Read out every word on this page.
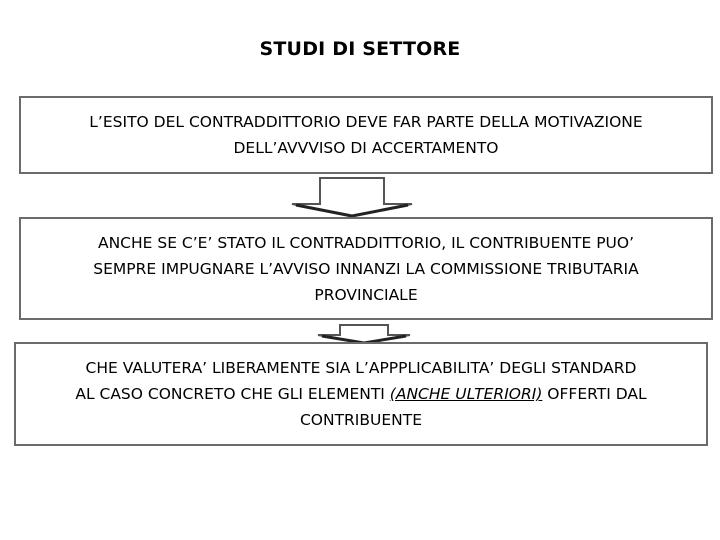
STUDI DI SETTORE
L’ESITO DEL CONTRADDITTORIO DEVE FAR PARTE DELLA MOTIVAZIONE
DELL’AVVVISO DI ACCERTAMENTO
ANCHE SE C’E’ STATO IL CONTRADDITTORIO, IL CONTRIBUENTE PUO’
SEMPRE IMPUGNARE L’AVVISO INNANZI LA COMMISSIONE TRIBUTARIA
PROVINCIALE
CHE VALUTERA’ LIBERAMENTE SIA L’APPPLICABILITA’ DEGLI STANDARD
AL CASO CONCRETO CHE GLI ELEMENTI (ANCHE ULTERIORI) OFFERTI DAL
CONTRIBUENTE
